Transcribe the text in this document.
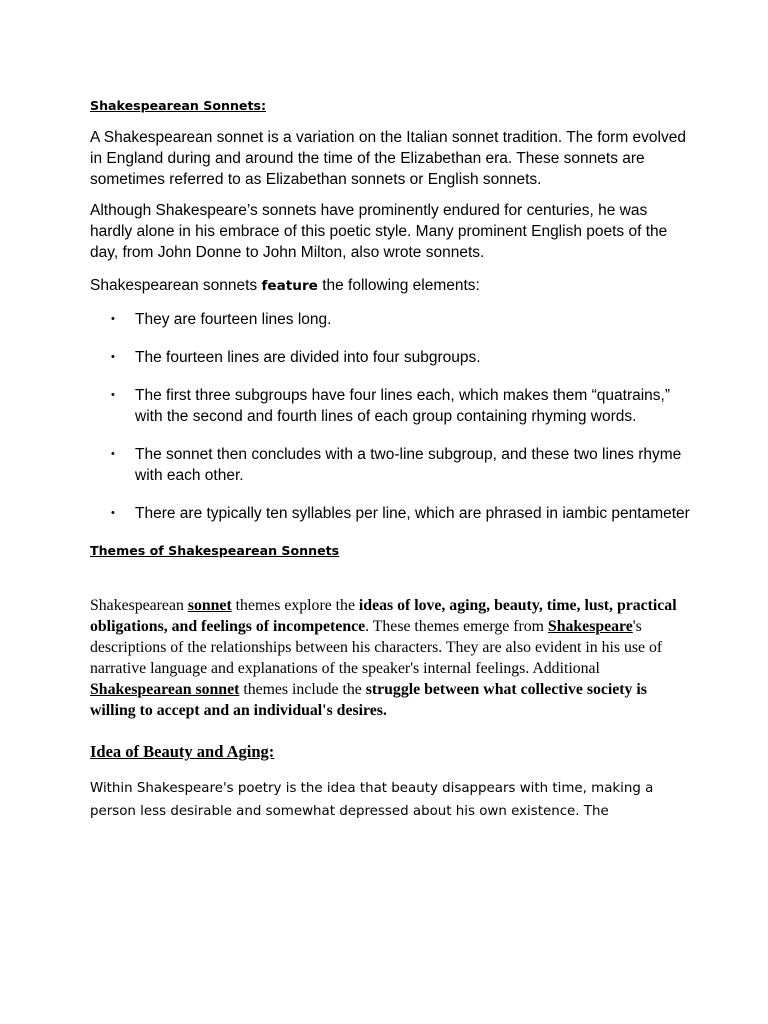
Shakespearean Sonnets:

A Shakespearean sonnet is a variation on the Italian sonnet tradition. The form evolved in England during and around the time of the Elizabethan era. These sonnets are sometimes referred to as Elizabethan sonnets or English sonnets.

Although Shakespeare’s sonnets have prominently endured for centuries, he was hardly alone in his embrace of this poetic style. Many prominent English poets of the day, from John Donne to John Milton, also wrote sonnets.

Shakespearean sonnets feature the following elements:

• They are fourteen lines long.
• The fourteen lines are divided into four subgroups.
• The first three subgroups have four lines each, which makes them “quatrains,” with the second and fourth lines of each group containing rhyming words.
• The sonnet then concludes with a two-line subgroup, and these two lines rhyme with each other.
• There are typically ten syllables per line, which are phrased in iambic pentameter
Themes of Shakespearean Sonnets

Shakespearean sonnet themes explore the ideas of love, aging, beauty, time, lust, practical obligations, and feelings of incompetence. These themes emerge from Shakespeare's descriptions of the relationships between his characters. They are also evident in his use of narrative language and explanations of the speaker's internal feelings. Additional Shakespearean sonnet themes include the struggle between what collective society is willing to accept and an individual's desires.

Idea of Beauty and Aging:

Within Shakespeare's poetry is the idea that beauty disappears with time, making a person less desirable and somewhat depressed about his own existence. The
